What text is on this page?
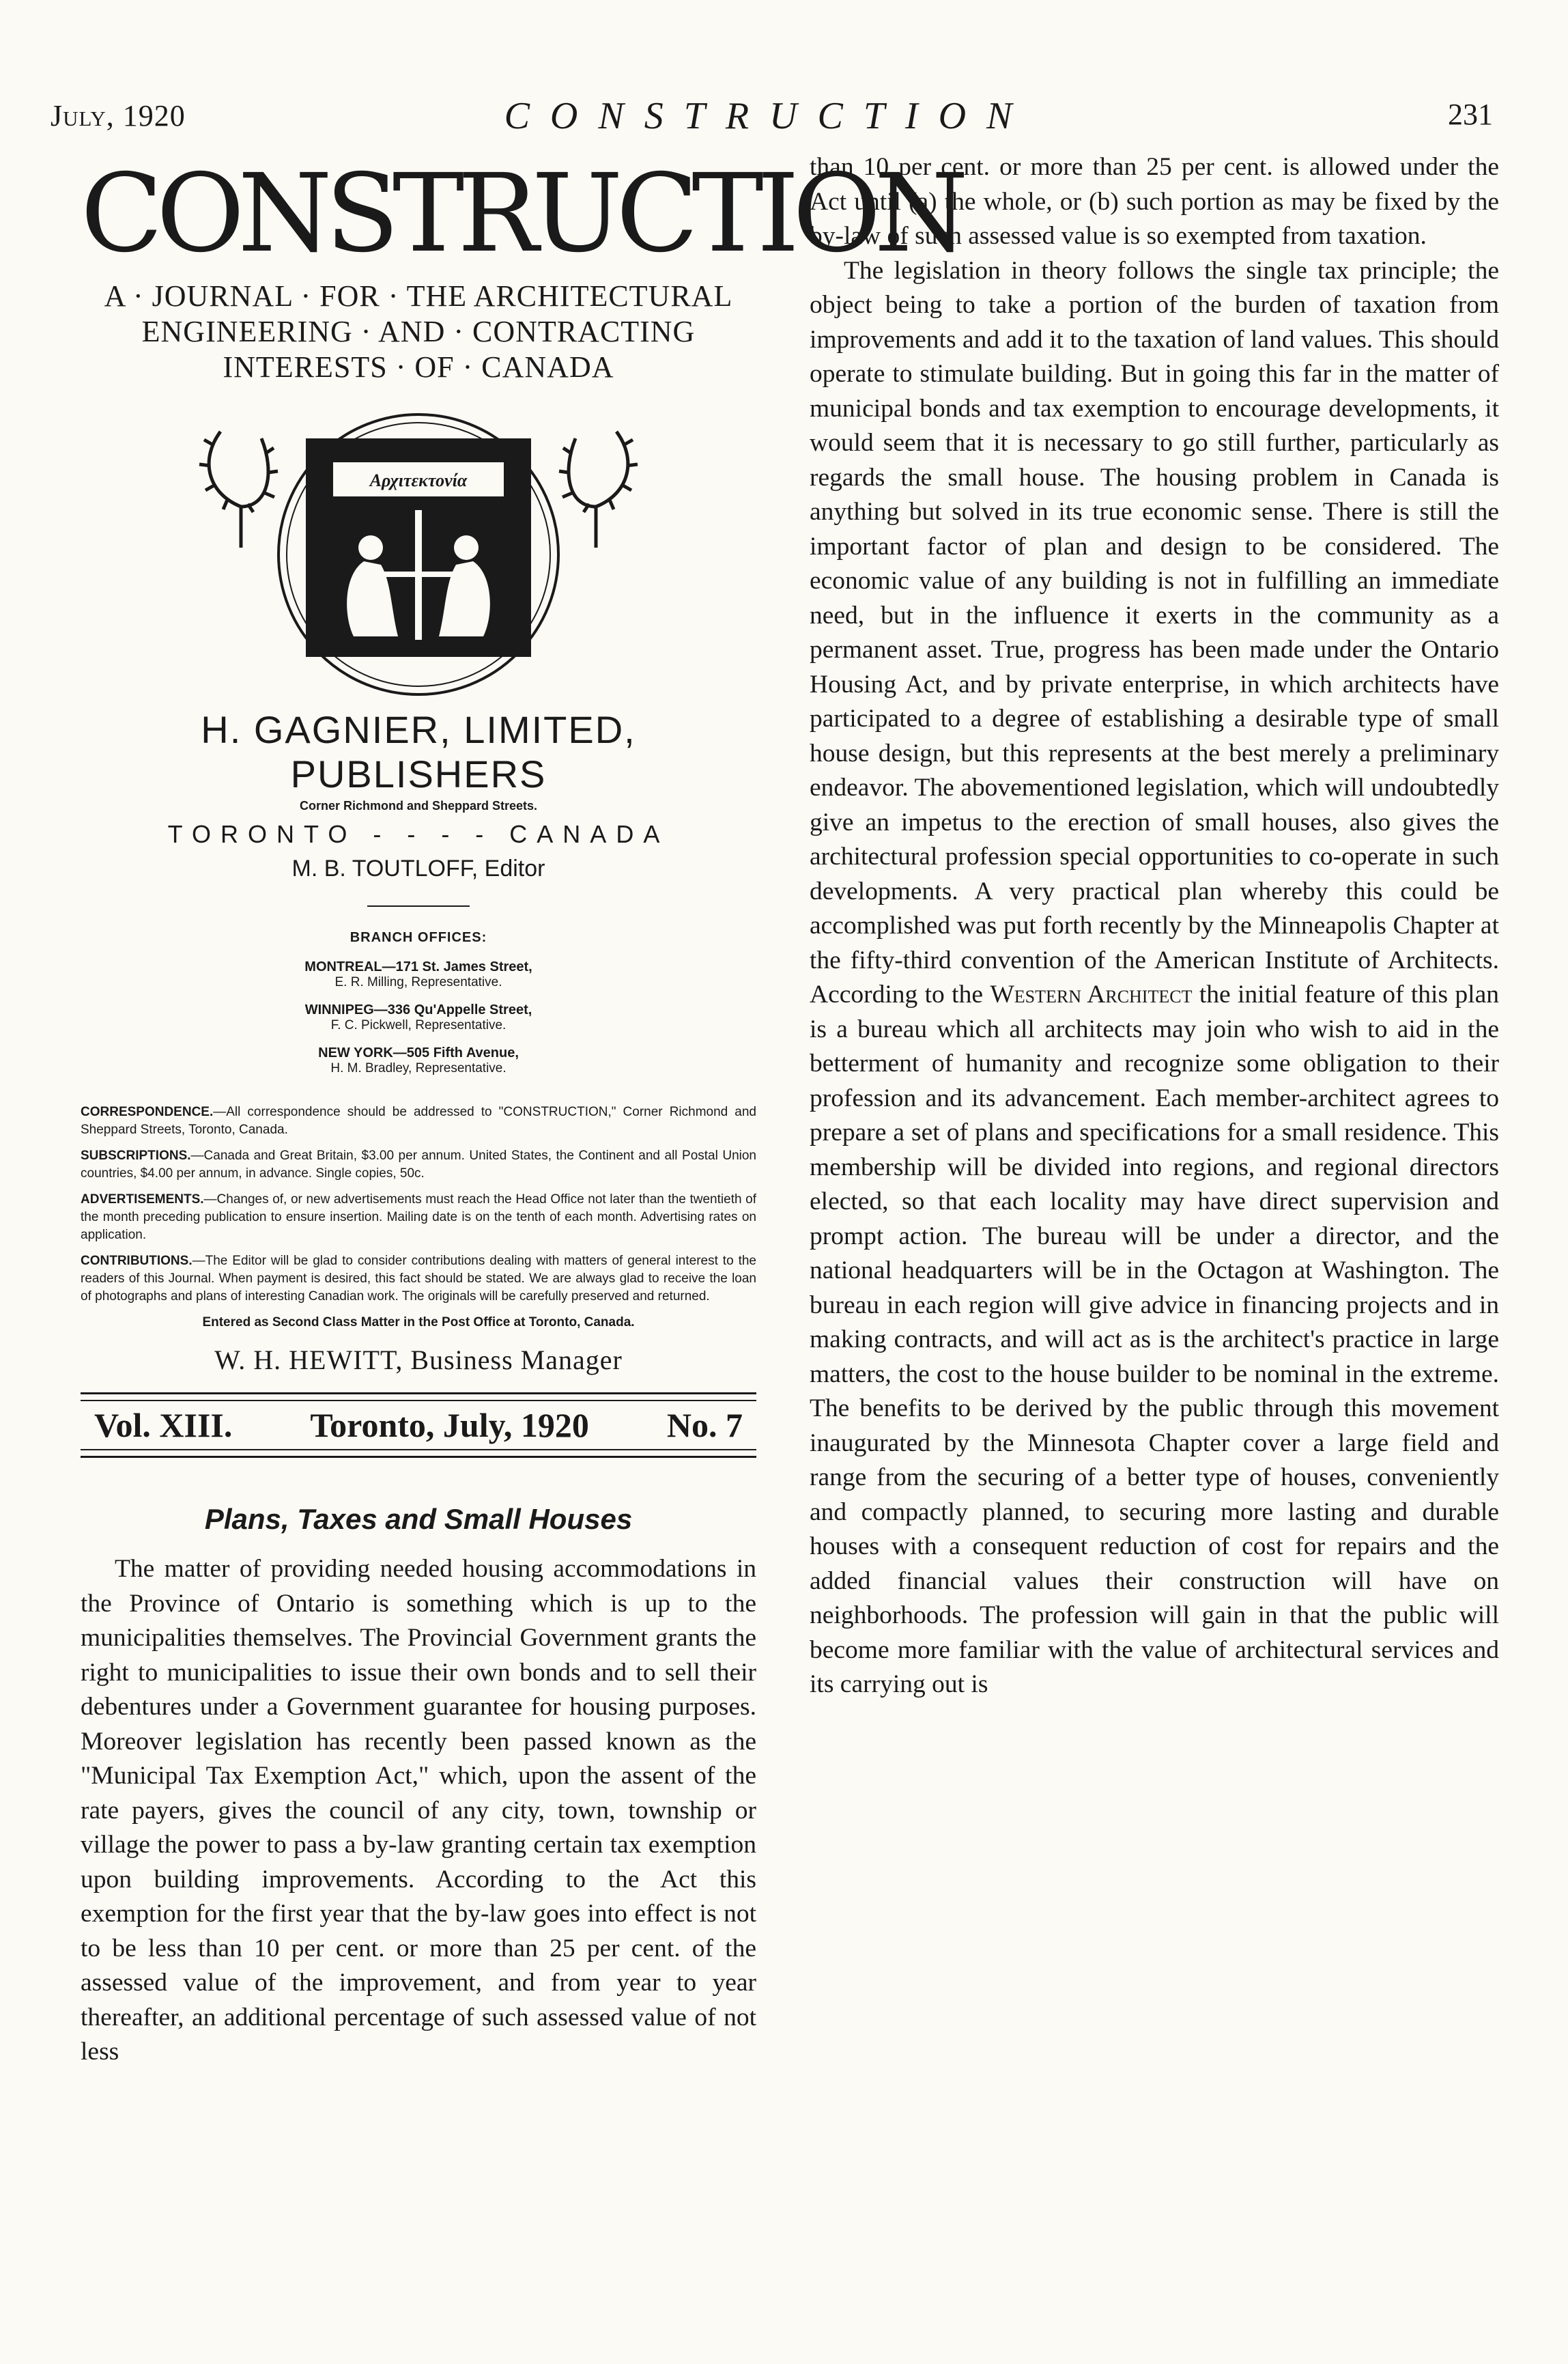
July, 1920	CONSTRUCTION	231
CONSTRUCTION
A · JOURNAL · FOR · THE ARCHITECTURAL
ENGINEERING · AND · CONTRACTING
INTERESTS · OF · CANADA
Αρχιτεκτονία
H. GAGNIER, LIMITED, PUBLISHERS
Corner Richmond and Sheppard Streets.
TORONTO - - - - CANADA
M. B. TOUTLOFF, Editor
BRANCH OFFICES:
MONTREAL—171 St. James Street,
E. R. Milling, Representative.
WINNIPEG—336 Qu'Appelle Street,
F. C. Pickwell, Representative.
NEW YORK—505 Fifth Avenue,
H. M. Bradley, Representative.
CORRESPONDENCE.—All correspondence should be addressed to "CONSTRUCTION," Corner Richmond and Sheppard Streets, Toronto, Canada.
SUBSCRIPTIONS.—Canada and Great Britain, $3.00 per annum. United States, the Continent and all Postal Union countries, $4.00 per annum, in advance. Single copies, 50c.
ADVERTISEMENTS.—Changes of, or new advertisements must reach the Head Office not later than the twentieth of the month preceding publication to ensure insertion. Mailing date is on the tenth of each month. Advertising rates on application.
CONTRIBUTIONS.—The Editor will be glad to consider contributions dealing with matters of general interest to the readers of this Journal. When payment is desired, this fact should be stated. We are always glad to receive the loan of photographs and plans of interesting Canadian work. The originals will be carefully preserved and returned.
Entered as Second Class Matter in the Post Office at Toronto, Canada.
W. H. HEWITT, Business Manager
Vol. XIII. Toronto, July, 1920 No. 7
Plans, Taxes and Small Houses

The matter of providing needed housing accommodations in the Province of Ontario is something which is up to the municipalities themselves. The Provincial Government grants the right to municipalities to issue their own bonds and to sell their debentures under a Government guarantee for housing purposes. Moreover legislation has recently been passed known as the "Municipal Tax Exemption Act," which, upon the assent of the rate payers, gives the council of any city, town, township or village the power to pass a by-law granting certain tax exemption upon building improvements. According to the Act this exemption for the first year that the by-law goes into effect is not to be less than 10 per cent. or more than 25 per cent. of the assessed value of the improvement, and from year to year thereafter, an additional percentage of such assessed value of not less

than 10 per cent. or more than 25 per cent. is allowed under the Act until (a) the whole, or (b) such portion as may be fixed by the by-law of such assessed value is so exempted from taxation.

The legislation in theory follows the single tax principle; the object being to take a portion of the burden of taxation from improvements and add it to the taxation of land values. This should operate to stimulate building. But in going this far in the matter of municipal bonds and tax exemption to encourage developments, it would seem that it is necessary to go still further, particularly as regards the small house. The housing problem in Canada is anything but solved in its true economic sense. There is still the important factor of plan and design to be considered. The economic value of any building is not in fulfilling an immediate need, but in the influence it exerts in the community as a permanent asset. True, progress has been made under the Ontario Housing Act, and by private enterprise, in which architects have participated to a degree of establishing a desirable type of small house design, but this represents at the best merely a preliminary endeavor. The abovementioned legislation, which will undoubtedly give an impetus to the erection of small houses, also gives the architectural profession special opportunities to co-operate in such developments. A very practical plan whereby this could be accomplished was put forth recently by the Minneapolis Chapter at the fifty-third convention of the American Institute of Architects. According to the Western Architect the initial feature of this plan is a bureau which all architects may join who wish to aid in the betterment of humanity and recognize some obligation to their profession and its advancement. Each member-architect agrees to prepare a set of plans and specifications for a small residence. This membership will be divided into regions, and regional directors elected, so that each locality may have direct supervision and prompt action. The bureau will be under a director, and the national headquarters will be in the Octagon at Washington. The bureau in each region will give advice in financing projects and in making contracts, and will act as is the architect's practice in large matters, the cost to the house builder to be nominal in the extreme. The benefits to be derived by the public through this movement inaugurated by the Minnesota Chapter cover a large field and range from the securing of a better type of houses, conveniently and compactly planned, to securing more lasting and durable houses with a consequent reduction of cost for repairs and the added financial values their construction will have on neighborhoods. The profession will gain in that the public will become more familiar with the value of architectural services and its carrying out is
